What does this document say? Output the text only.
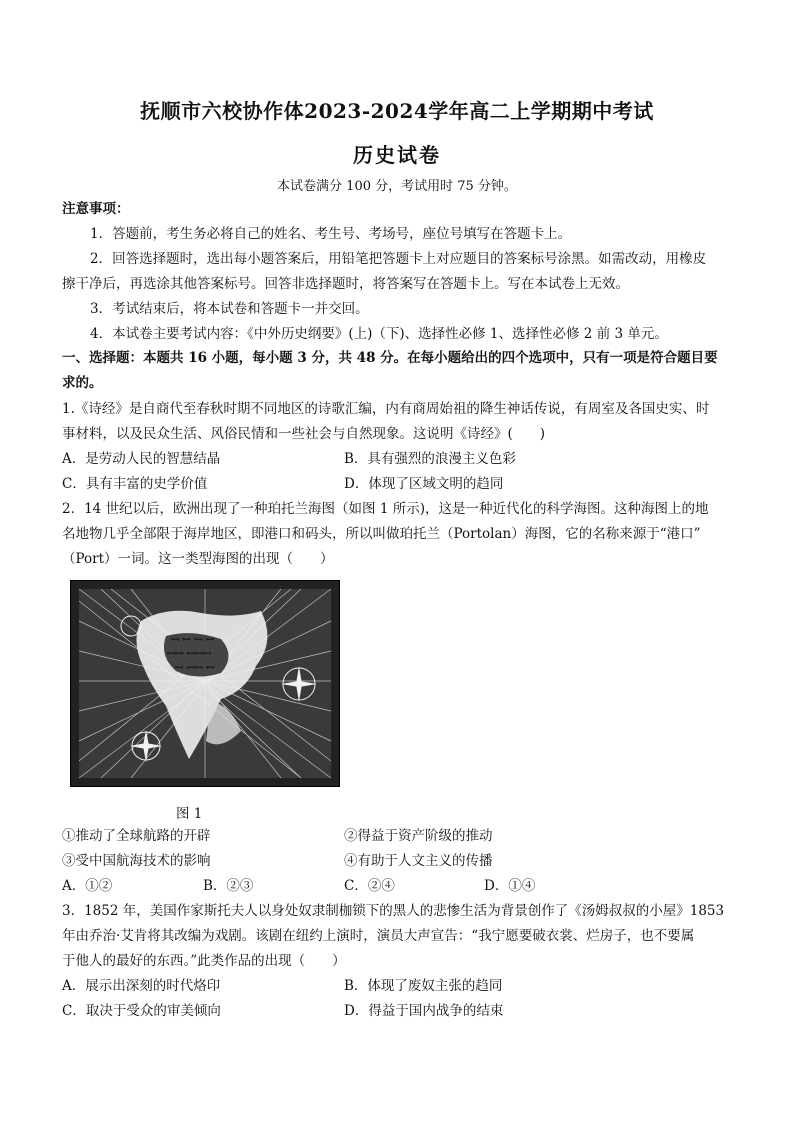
抚顺市六校协作体2023-2024学年高二上学期期中考试
历史试卷
本试卷满分 100 分，考试用时 75 分钟。
注意事项：
1．答题前，考生务必将自己的姓名、考生号、考场号，座位号填写在答题卡上。
2．回答选择题时，选出每小题答案后，用铅笔把答题卡上对应题目的答案标号涂黑。如需改动，用橡皮
擦干净后，再选涂其他答案标号。回答非选择题时，将答案写在答题卡上。写在本试卷上无效。
3．考试结束后，将本试卷和答题卡一并交回。
4．本试卷主要考试内容：《中外历史纲要》(上)（下)、选择性必修 1、选择性必修 2 前 3 单元。
一、选择题：本题共 16 小题，每小题 3 分，共 48 分。在每小题给出的四个选项中，只有一项是符合题目要
求的。
1.《诗经》是自商代至春秋时期不同地区的诗歌汇编，内有商周始祖的降生神话传说，有周室及各国史实、时
事材料，以及民众生活、风俗民情和一些社会与自然现象。这说明《诗经》(　　)
A．是劳动人民的智慧结晶	B．具有强烈的浪漫主义色彩
C．具有丰富的史学价值	D．体现了区域文明的趋同
2．14 世纪以后，欧洲出现了一种珀托兰海图（如图 1 所示)，这是一种近代化的科学海图。这种海图上的地
名地物几乎全部限于海岸地区，即港口和码头，所以叫做珀托兰（Portolan）海图，它的名称来源于“港口”
（Port）一词。这一类型海图的出现（　　）
ꟷ ꟷ ꟷ ꟷ
ꟷꟷ ꟷꟷꟷ
ꟷ ꟷꟷ ꟷ
图 1
①推动了全球航路的开辟	②得益于资产阶级的推动
③受中国航海技术的影响	④有助于人文主义的传播
A．①②	B．②③	C．②④	D．①④
3．1852 年，美国作家斯托夫人以身处奴隶制枷锁下的黑人的悲惨生活为背景创作了《汤姆叔叔的小屋》1853
年由乔治·艾肯将其改编为戏剧。该剧在纽约上演时，演员大声宣告：“我宁愿要破衣裳、烂房子，也不要属
于他人的最好的东西。”此类作品的出现（　　）
A．展示出深刻的时代烙印	B．体现了废奴主张的趋同
C．取决于受众的审美倾向	D．得益于国内战争的结束
